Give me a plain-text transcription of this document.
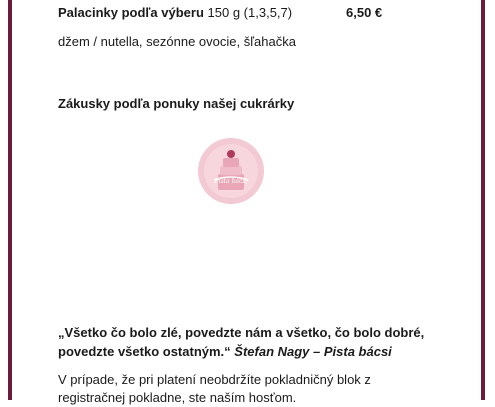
Palacinky podľa výberu 150 g (1,3,5,7)	6,50 €
džem / nutella, sezónne ovocie, šľahačka
Zákusky podľa ponuky našej cukrárky
Pista bácsi
„Všetko čo bolo zlé, povedzte nám a všetko, čo bolo dobré, povedzte všetko ostatným.“ Štefan Nagy – Pista bácsi
V prípade, že pri platení neobdržíte pokladničný blok z registračnej pokladne, ste naším hosťom.
